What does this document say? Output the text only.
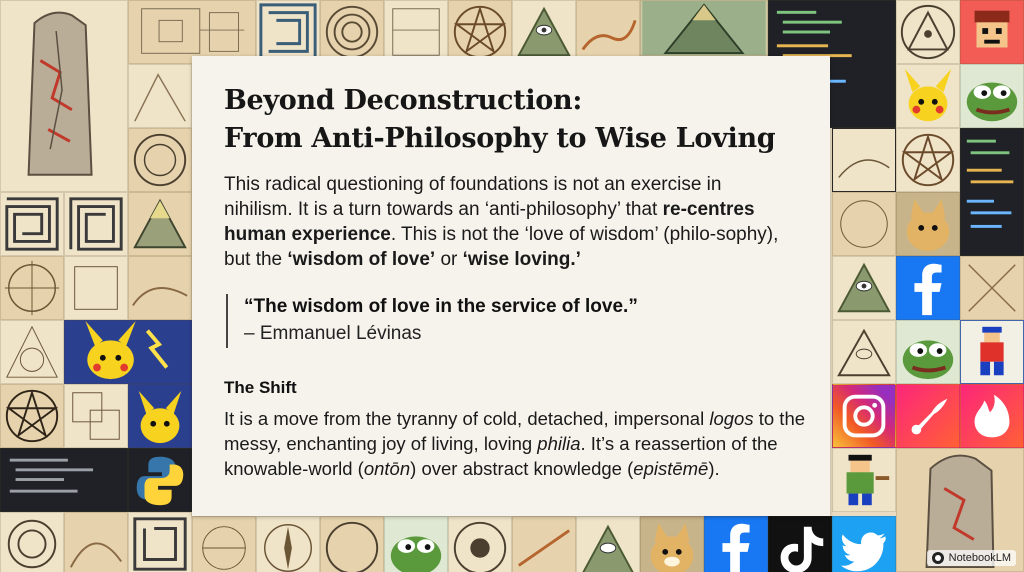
Beyond Deconstruction:
From Anti-Philosophy to Wise Loving

This radical questioning of foundations is not an exercise in nihilism. It is a turn towards an ‘anti-philosophy’ that re-centres human experience. This is not the ‘love of wisdom’ (philo-sophy), but the ‘wisdom of love’ or ‘wise loving.’

“The wisdom of love in the service of love.”
– Emmanuel Lévinas
The Shift

It is a move from the tyranny of cold, detached, impersonal logos to the messy, enchanting joy of living, loving philia. It’s a reassertion of the knowable-world (ontōn) over abstract knowledge (epistēmē).

NotebookLM
